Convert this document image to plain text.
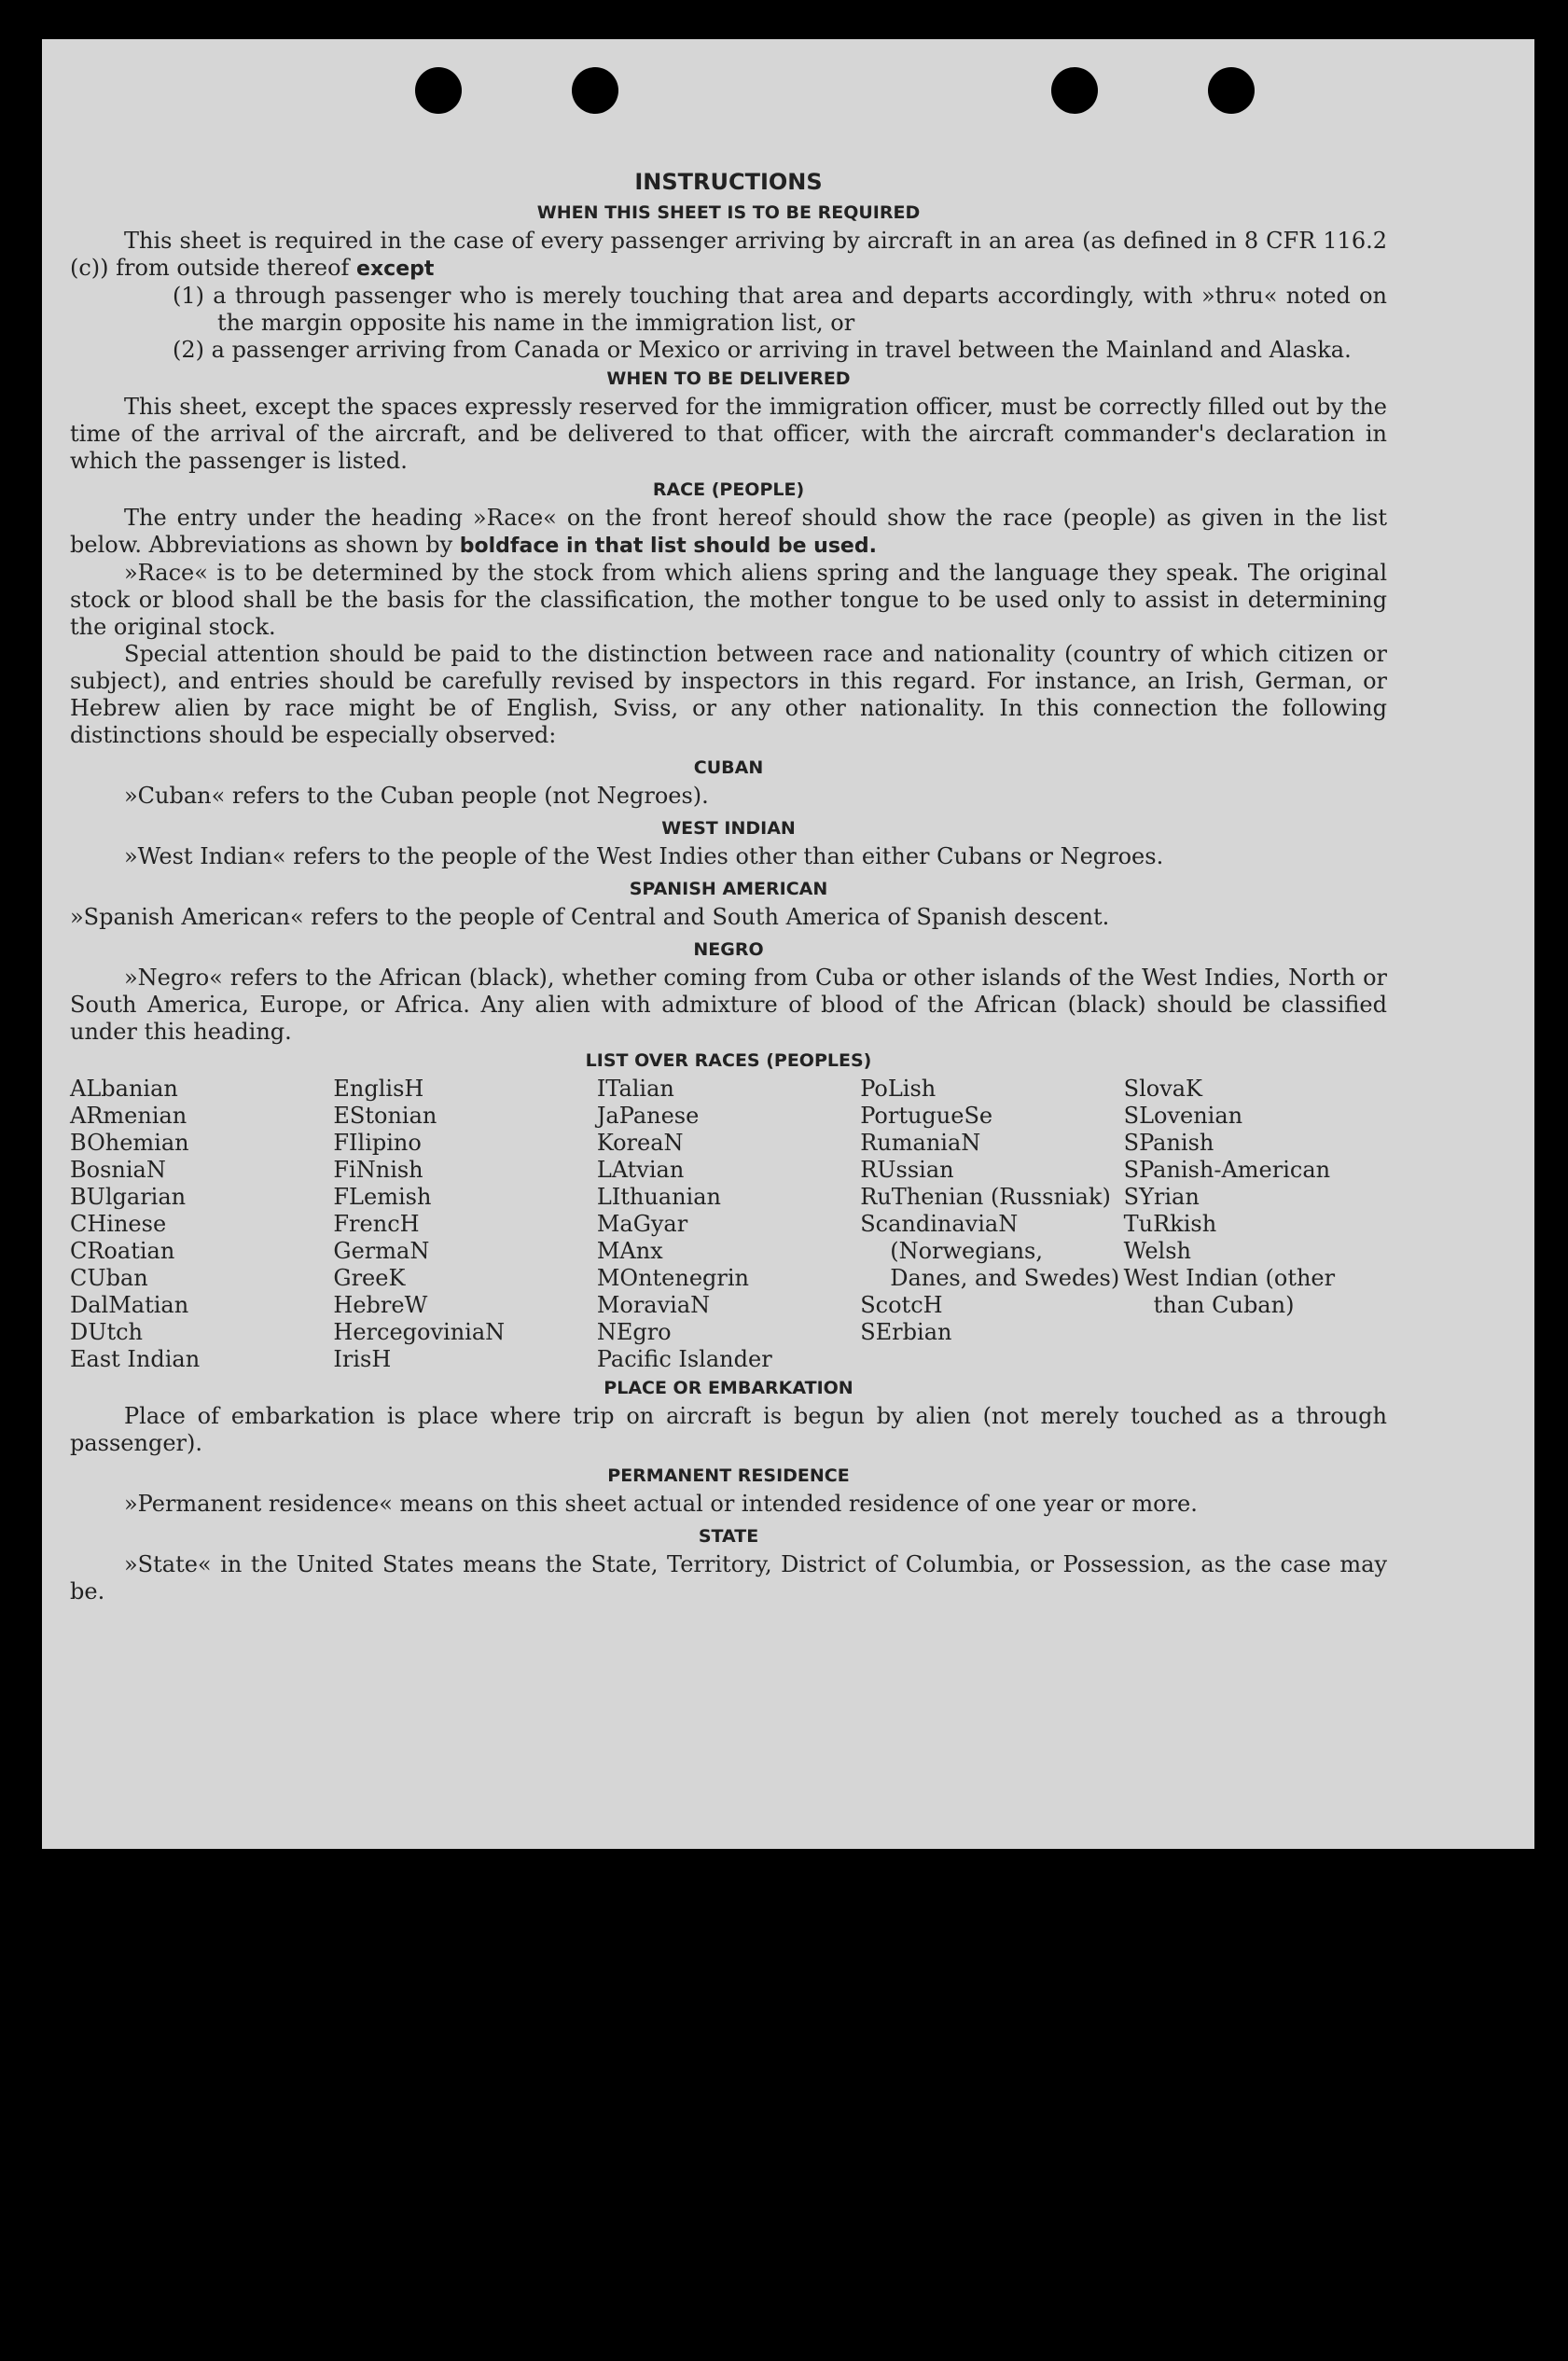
INSTRUCTIONS
WHEN THIS SHEET IS TO BE REQUIRED

This sheet is required in the case of every passenger arriving by aircraft in an area (as defined in 8 CFR 116.2 (c)) from outside thereof except

(1) a through passenger who is merely touching that area and departs accordingly, with »thru« noted on the margin opposite his name in the immigration list, or

(2) a passenger arriving from Canada or Mexico or arriving in travel between the Mainland and Alaska.

WHEN TO BE DELIVERED

This sheet, except the spaces expressly reserved for the immigration officer, must be correctly filled out by the time of the arrival of the aircraft, and be delivered to that officer, with the aircraft commander's declaration in which the passenger is listed.

RACE (PEOPLE)

The entry under the heading »Race« on the front hereof should show the race (people) as given in the list below. Abbreviations as shown by boldface in that list should be used.

»Race« is to be determined by the stock from which aliens spring and the language they speak. The original stock or blood shall be the basis for the classification, the mother tongue to be used only to assist in determining the original stock.

Special attention should be paid to the distinction between race and nationality (country of which citizen or subject), and entries should be carefully revised by inspectors in this regard. For instance, an Irish, German, or Hebrew alien by race might be of English, Sviss, or any other nationality. In this connection the following distinctions should be especially observed:

CUBAN

»Cuban« refers to the Cuban people (not Negroes).

WEST INDIAN

»West Indian« refers to the people of the West Indies other than either Cubans or Negroes.

SPANISH AMERICAN

»Spanish American« refers to the people of Central and South America of Spanish descent.

NEGRO

»Negro« refers to the African (black), whether coming from Cuba or other islands of the West Indies, North or South America, Europe, or Africa. Any alien with admixture of blood of the African (black) should be classified under this heading.

LIST OVER RACES (PEOPLES)
ALbanian
ARmenian
BOhemian
BosniaN
BUlgarian
CHinese
CRoatian
CUban
DalMatian
DUtch
East Indian
EnglisH
EStonian
FIlipino
FiNnish
FLemish
FrencH
GermaN
GreeK
HebreW
HercegoviniaN
IrisH
ITalian
JaPanese
KoreaN
LAtvian
LIthuanian
MaGyar
MAnx
MOntenegrin
MoraviaN
NEgro
Pacific Islander
PoLish
PortugueSe
RumaniaN
RUssian
RuThenian (Russniak)
ScandinaviaN (Norwegians, Danes, and Swedes)
ScotcH
SErbian
SlovaK
SLovenian
SPanish
SPanish-American
SYrian
TuRkish
Welsh
West Indian (other than Cuban)
PLACE OR EMBARKATION

Place of embarkation is place where trip on aircraft is begun by alien (not merely touched as a through passenger).

PERMANENT RESIDENCE

»Permanent residence« means on this sheet actual or intended residence of one year or more.

STATE

»State« in the United States means the State, Territory, District of Columbia, or Possession, as the case may be.
